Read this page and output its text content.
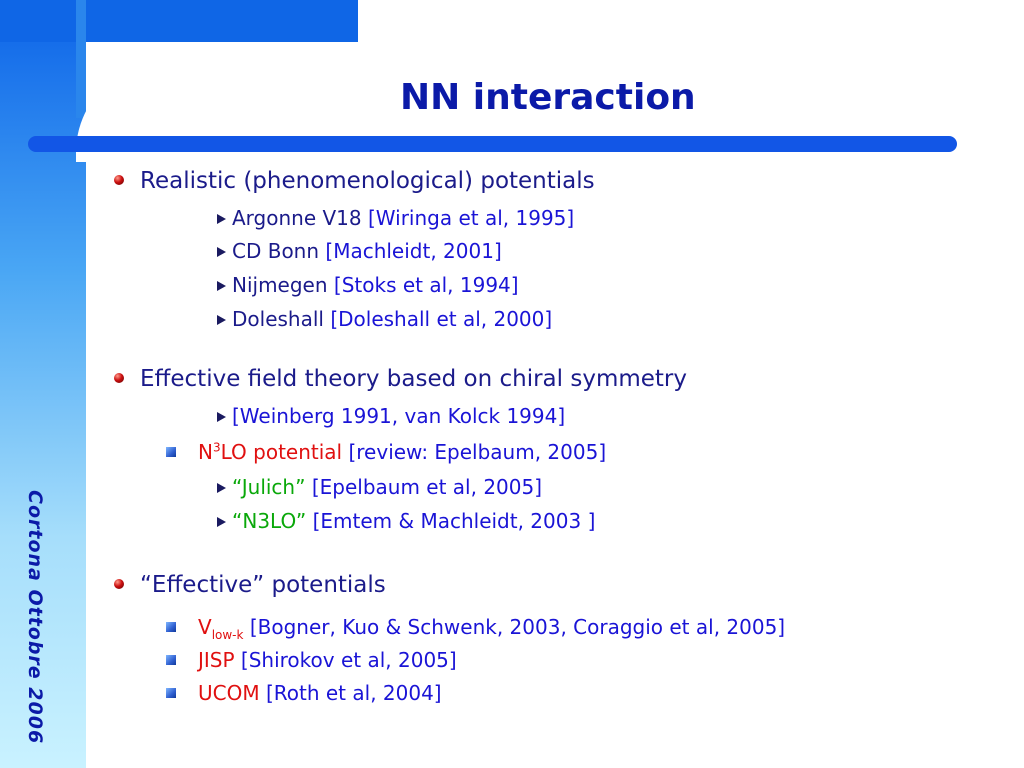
NN interaction
Cortona Ottobre 2006
Realistic (phenomenological) potentials
Argonne V18 [Wiringa et al, 1995]
CD Bonn [Machleidt, 2001]
Nijmegen [Stoks et al, 1994]
Doleshall [Doleshall et al, 2000]
Effective field theory based on chiral symmetry
[Weinberg 1991, van Kolck 1994]
$N^3LO$ potential [review: Epelbaum, 2005]
“Julich” [Epelbaum et al, 2005]
“N3LO” [Emtem & Machleidt, 2003 ]
“Effective” potentials
$V_{low-k}$ [Bogner, Kuo & Schwenk, 2003, Coraggio et al, 2005]
JISP [Shirokov et al, 2005]
UCOM [Roth et al, 2004]
